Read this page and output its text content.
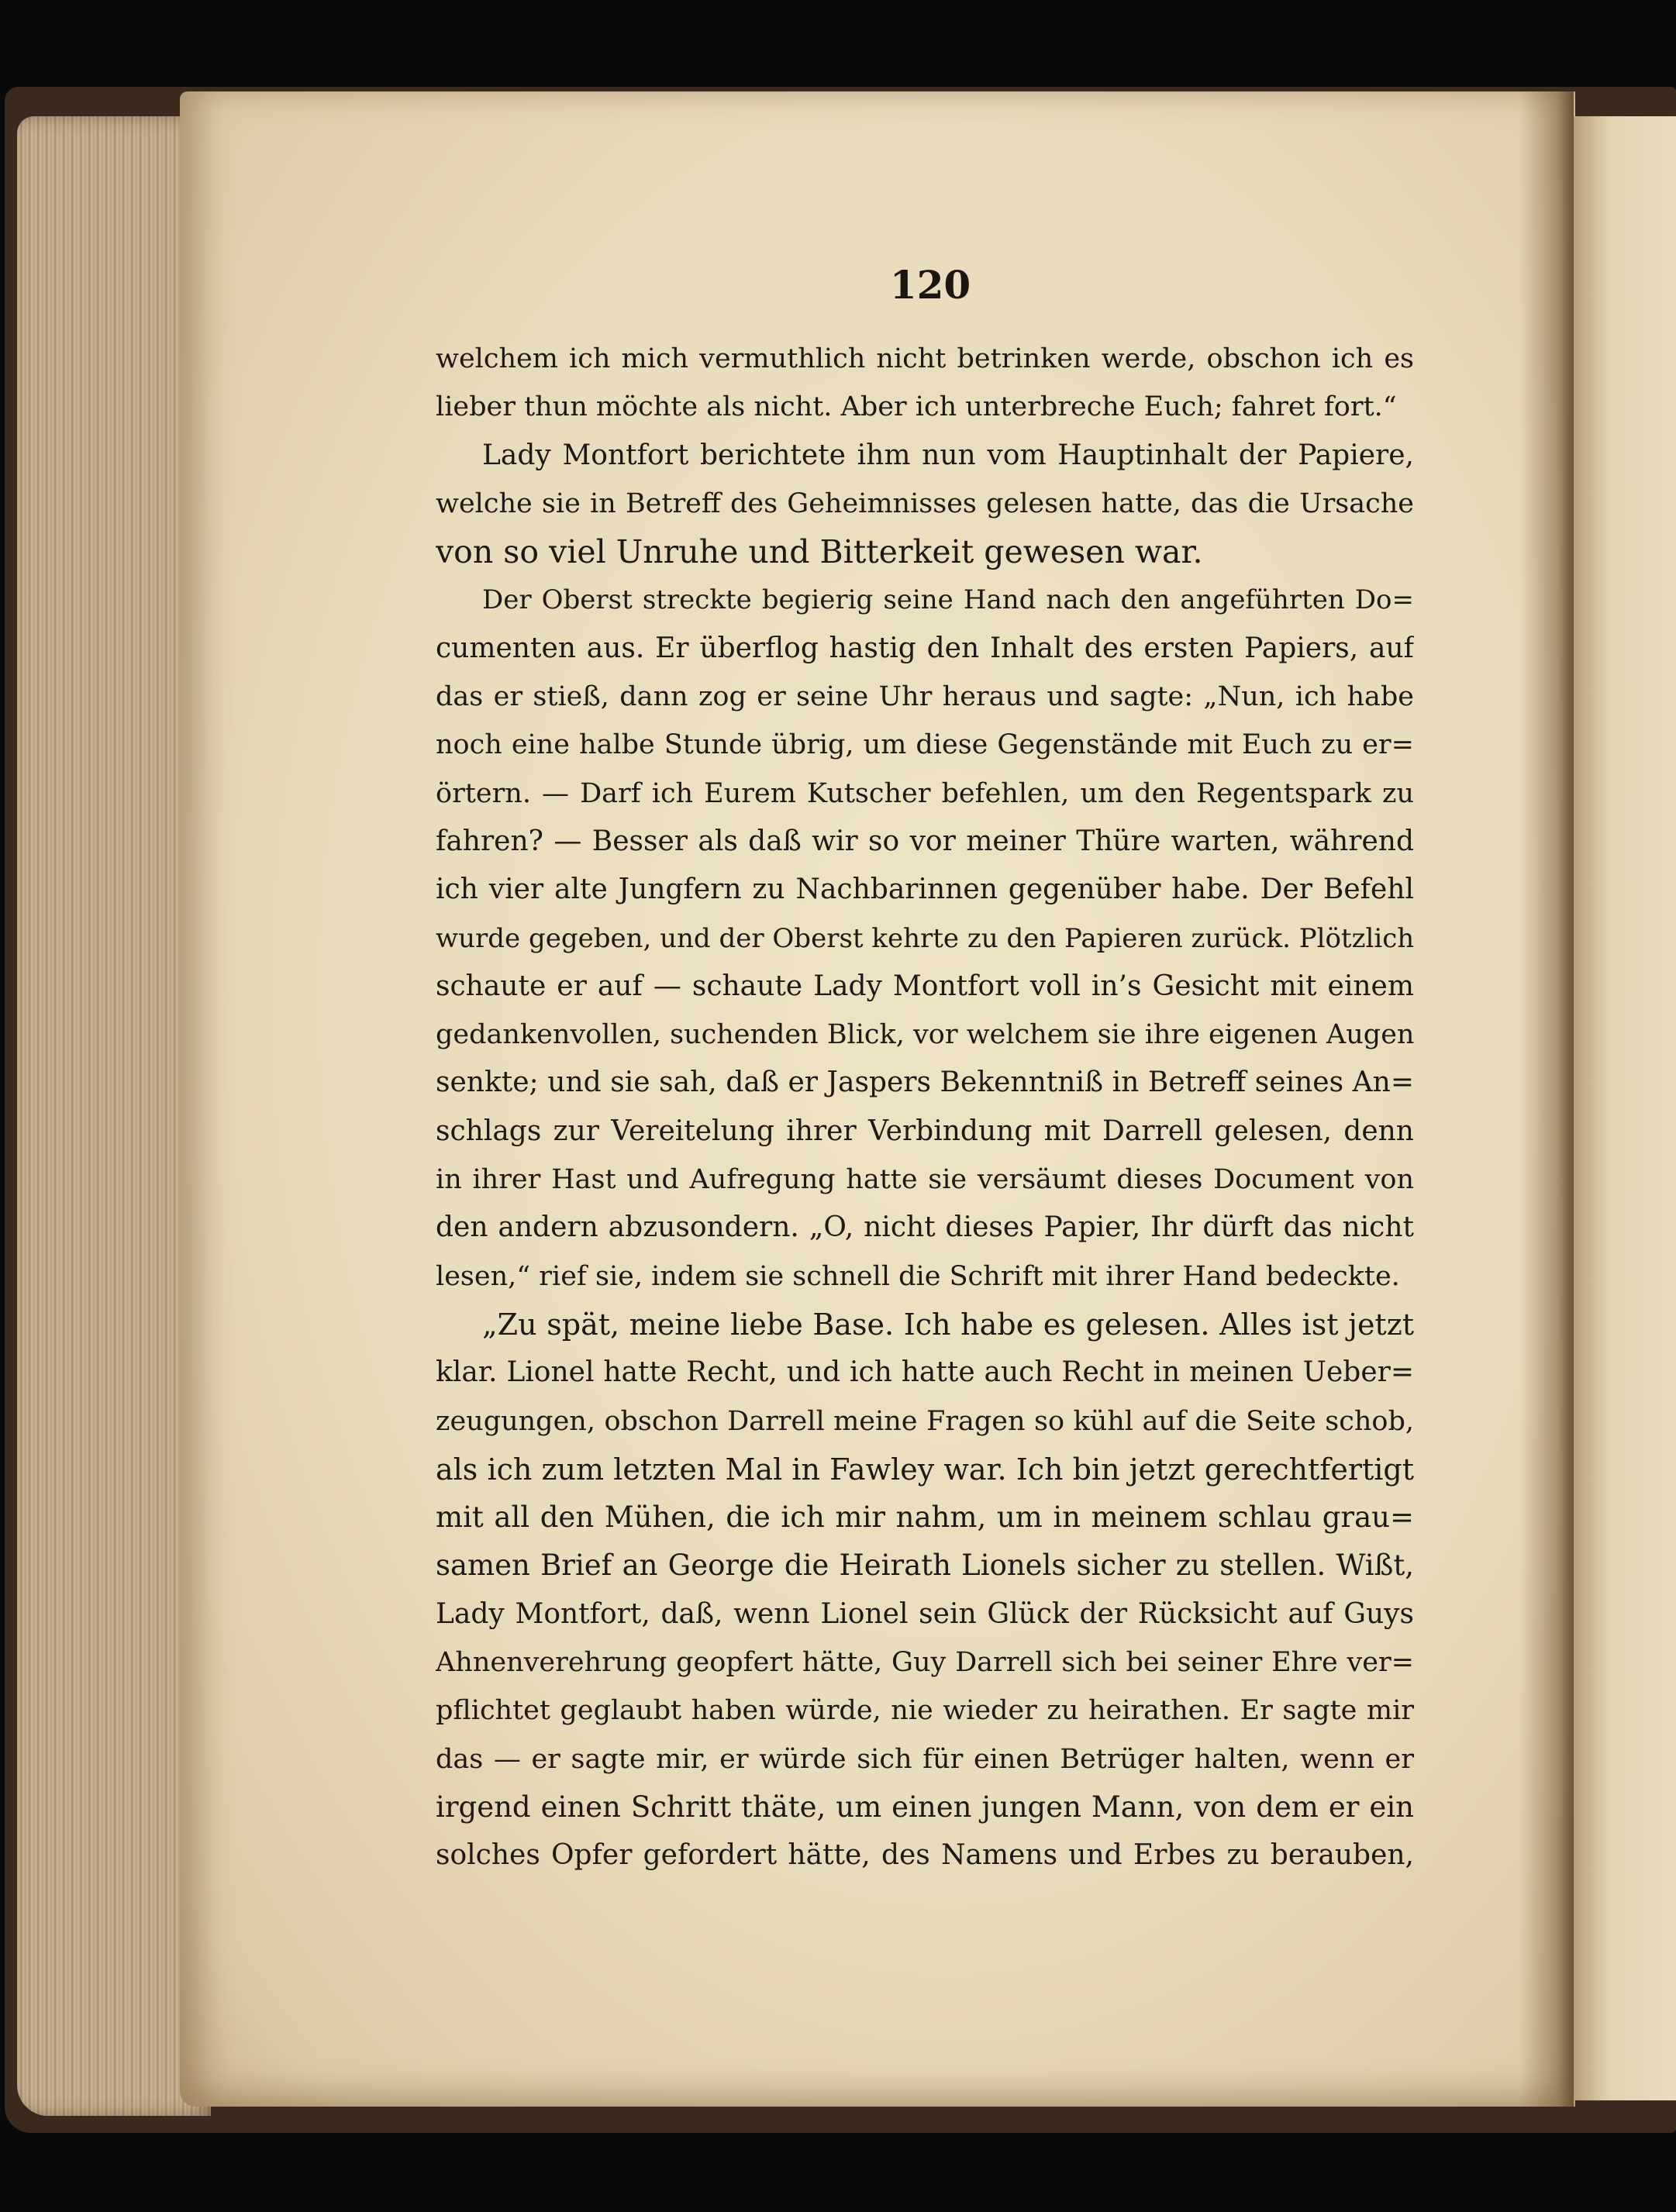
120

welchem ich mich vermuthlich nicht betrinken werde, obschon ich es
lieber thun möchte als nicht. Aber ich unterbreche Euch; fahret fort.“
Lady Montfort berichtete ihm nun vom Hauptinhalt der Papiere,
welche sie in Betreff des Geheimnisses gelesen hatte, das die Ursache
von so viel Unruhe und Bitterkeit gewesen war.
Der Oberst streckte begierig seine Hand nach den angeführten Do=
cumenten aus. Er überflog hastig den Inhalt des ersten Papiers, auf
das er stieß, dann zog er seine Uhr heraus und sagte: „Nun, ich habe
noch eine halbe Stunde übrig, um diese Gegenstände mit Euch zu er=
örtern. — Darf ich Eurem Kutscher befehlen, um den Regentspark zu
fahren? — Besser als daß wir so vor meiner Thüre warten, während
ich vier alte Jungfern zu Nachbarinnen gegenüber habe. Der Befehl
wurde gegeben, und der Oberst kehrte zu den Papieren zurück. Plötzlich
schaute er auf — schaute Lady Montfort voll in’s Gesicht mit einem
gedankenvollen, suchenden Blick, vor welchem sie ihre eigenen Augen
senkte; und sie sah, daß er Jaspers Bekenntniß in Betreff seines An=
schlags zur Vereitelung ihrer Verbindung mit Darrell gelesen, denn
in ihrer Hast und Aufregung hatte sie versäumt dieses Document von
den andern abzusondern. „O, nicht dieses Papier, Ihr dürft das nicht
lesen,“ rief sie, indem sie schnell die Schrift mit ihrer Hand bedeckte.
„Zu spät, meine liebe Base. Ich habe es gelesen. Alles ist jetzt
klar. Lionel hatte Recht, und ich hatte auch Recht in meinen Ueber=
zeugungen, obschon Darrell meine Fragen so kühl auf die Seite schob,
als ich zum letzten Mal in Fawley war. Ich bin jetzt gerechtfertigt
mit all den Mühen, die ich mir nahm, um in meinem schlau grau=
samen Brief an George die Heirath Lionels sicher zu stellen. Wißt,
Lady Montfort, daß, wenn Lionel sein Glück der Rücksicht auf Guys
Ahnenverehrung geopfert hätte, Guy Darrell sich bei seiner Ehre ver=
pflichtet geglaubt haben würde, nie wieder zu heirathen. Er sagte mir
das — er sagte mir, er würde sich für einen Betrüger halten, wenn er
irgend einen Schritt thäte, um einen jungen Mann, von dem er ein
solches Opfer gefordert hätte, des Namens und Erbes zu berauben,
